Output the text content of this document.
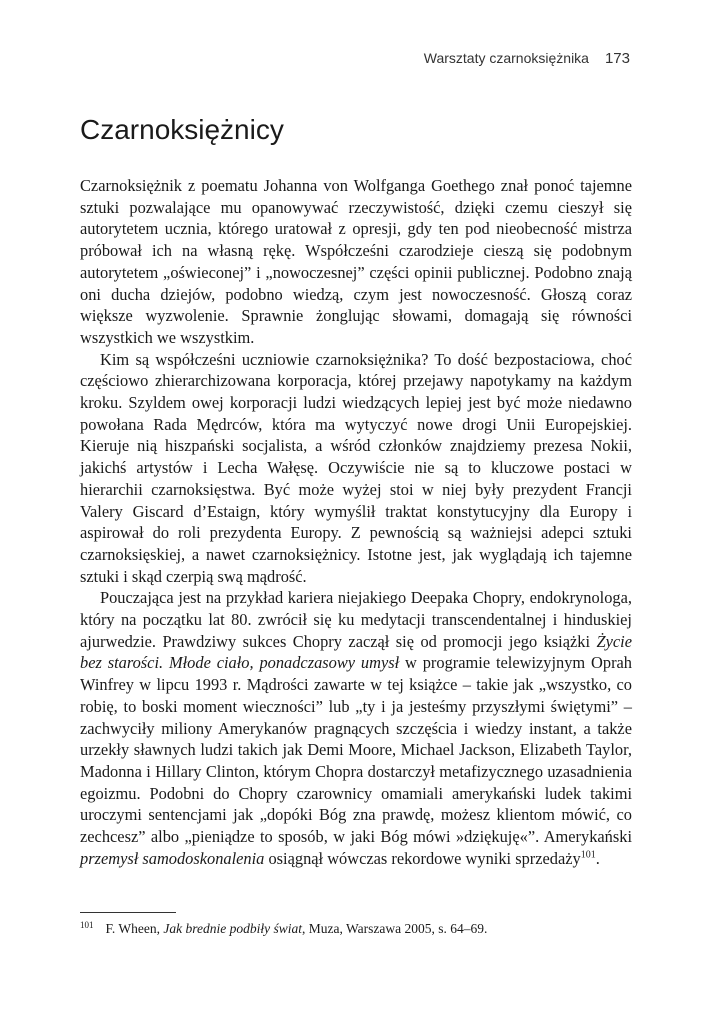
Warsztaty czarnoksiężnika 173
Czarnoksiężnicy

Czarnoksiężnik z poematu Johanna von Wolfganga Goethego znał ponoć tajemne sztuki pozwalające mu opanowywać rzeczywistość, dzięki czemu cieszył się autorytetem ucznia, którego uratował z opresji, gdy ten pod nieobecność mistrza próbował ich na własną rękę. Współcześni czarodzieje cieszą się podobnym autorytetem „oświeconej” i „nowoczesnej” części opinii publicznej. Podobno znają oni ducha dziejów, podobno wiedzą, czym jest nowoczesność. Głoszą coraz większe wyzwolenie. Sprawnie żonglując słowami, domagają się równości wszystkich we wszystkim.

Kim są współcześni uczniowie czarnoksiężnika? To dość bezpostaciowa, choć częściowo zhierarchizowana korporacja, której przejawy napotykamy na każdym kroku. Szyldem owej korporacji ludzi wiedzących lepiej jest być może niedawno powołana Rada Mędrców, która ma wytyczyć nowe drogi Unii Europejskiej. Kieruje nią hiszpański socjalista, a wśród członków znajdziemy prezesa Nokii, jakichś artystów i Lecha Wałęsę. Oczywiście nie są to kluczowe postaci w hierarchii czarnoksięstwa. Być może wyżej stoi w niej były prezydent Francji Valery Giscard d’Estaign, który wymyślił traktat konstytucyjny dla Europy i aspirował do roli prezydenta Europy. Z pewnością są ważniejsi adepci sztuki czarnoksięskiej, a nawet czarnoksiężnicy. Istotne jest, jak wyglądają ich tajemne sztuki i skąd czerpią swą mądrość.

Pouczająca jest na przykład kariera niejakiego Deepaka Chopry, endokrynologa, który na początku lat 80. zwrócił się ku medytacji transcendentalnej i hinduskiej ajurwedzie. Prawdziwy sukces Chopry zaczął się od promocji jego książki Życie bez starości. Młode ciało, ponadczasowy umysł w programie telewizyjnym Oprah Winfrey w lipcu 1993 r. Mądrości zawarte w tej książce – takie jak „wszystko, co robię, to boski moment wieczności” lub „ty i ja jesteśmy przyszłymi świętymi” – zachwyciły miliony Amerykanów pragnących szczęścia i wiedzy instant, a także urzekły sławnych ludzi takich jak Demi Moore, Michael Jackson, Elizabeth Taylor, Madonna i Hillary Clinton, którym Chopra dostarczył metafizycznego uzasadnienia egoizmu. Podobni do Chopry czarownicy omamiali amerykański ludek takimi uroczymi sentencjami jak „dopóki Bóg zna prawdę, możesz klientom mówić, co zechcesz” albo „pieniądze to sposób, w jaki Bóg mówi »dziękuję«”. Amerykański przemysł samodoskonalenia osiągnął wówczas rekordowe wyniki sprzedaży$^{101}$.

$^{101}$ F. Wheen, Jak brednie podbiły świat, Muza, Warszawa 2005, s. 64–69.
